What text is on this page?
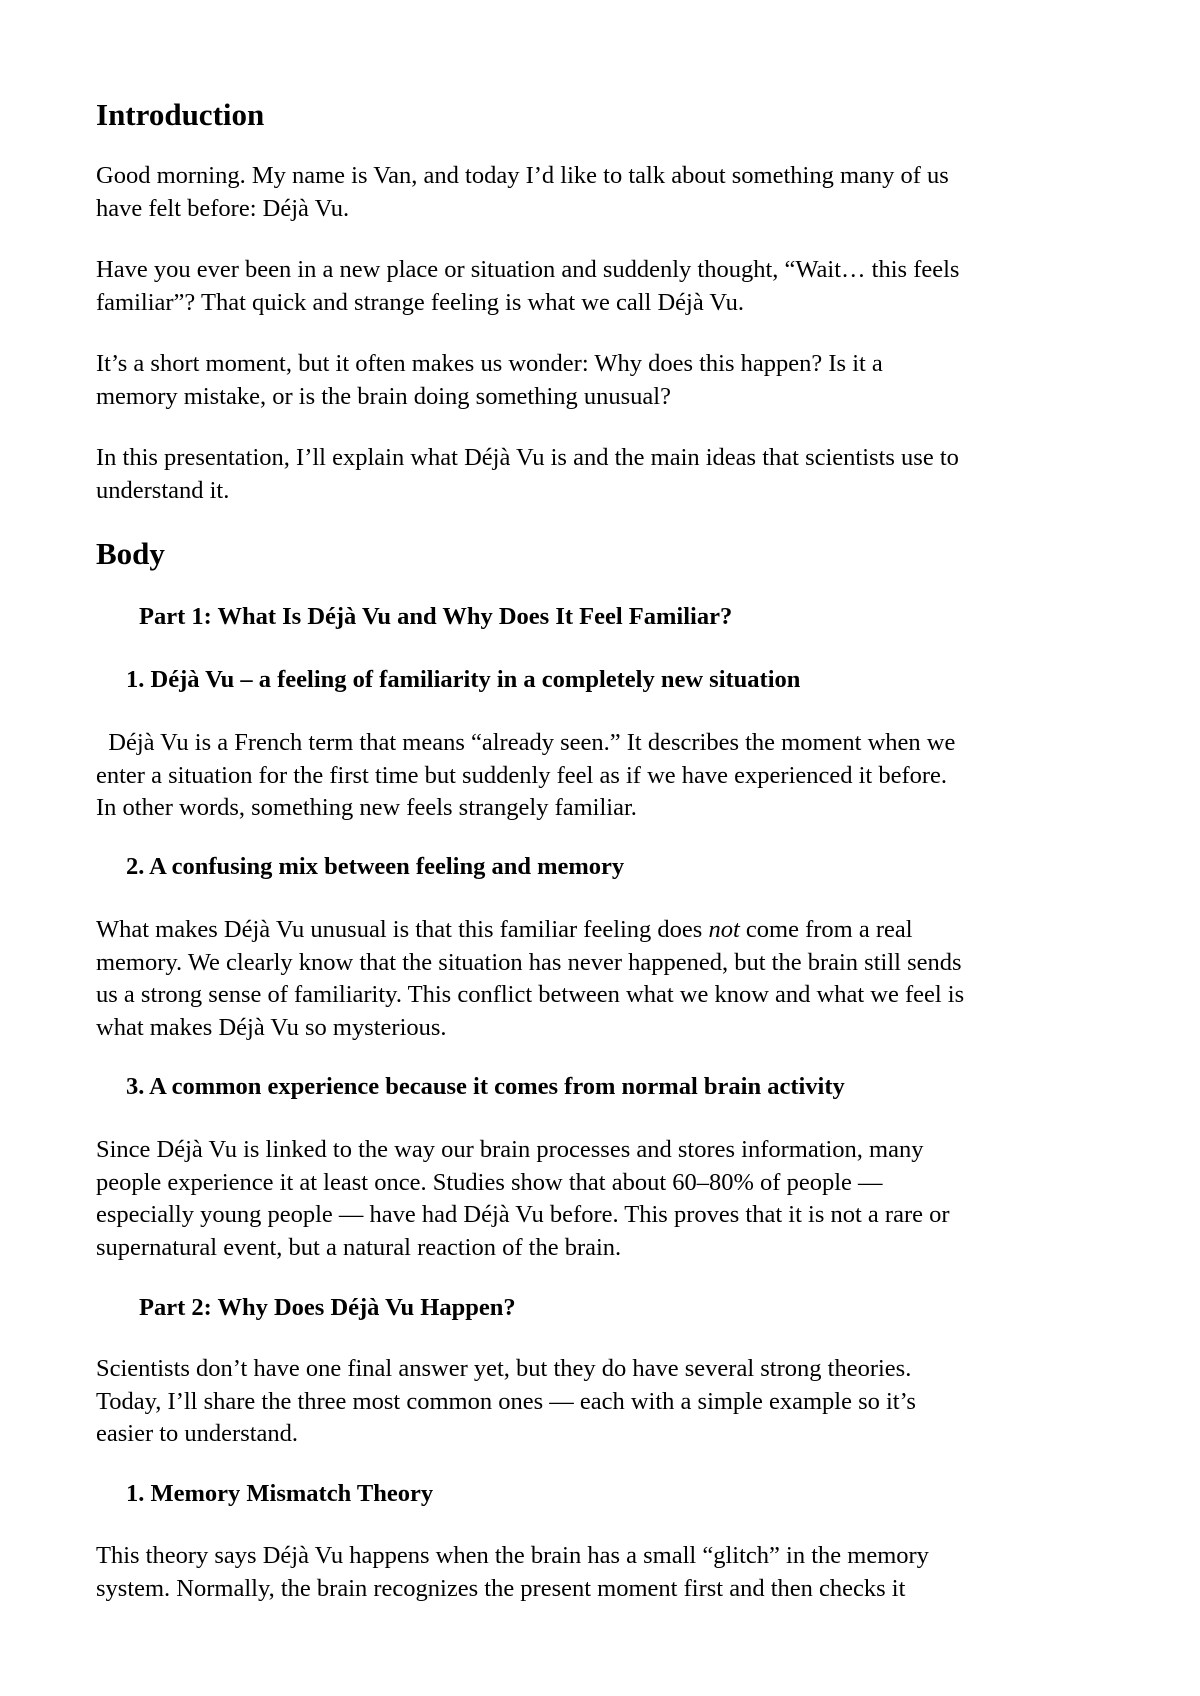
Introduction
Good morning. My name is Van, and today I’d like to talk about something many of us
have felt before: Déjà Vu.
Have you ever been in a new place or situation and suddenly thought, “Wait… this feels
familiar”? That quick and strange feeling is what we call Déjà Vu.
It’s a short moment, but it often makes us wonder: Why does this happen? Is it a
memory mistake, or is the brain doing something unusual?
In this presentation, I’ll explain what Déjà Vu is and the main ideas that scientists use to
understand it.
Body
Part 1: What Is Déjà Vu and Why Does It Feel Familiar?
1. Déjà Vu – a feeling of familiarity in a completely new situation
Déjà Vu is a French term that means “already seen.” It describes the moment when we
enter a situation for the first time but suddenly feel as if we have experienced it before.
In other words, something new feels strangely familiar.
2. A confusing mix between feeling and memory
What makes Déjà Vu unusual is that this familiar feeling does not come from a real
memory. We clearly know that the situation has never happened, but the brain still sends
us a strong sense of familiarity. This conflict between what we know and what we feel is
what makes Déjà Vu so mysterious.
3. A common experience because it comes from normal brain activity
Since Déjà Vu is linked to the way our brain processes and stores information, many
people experience it at least once. Studies show that about 60–80% of people —
especially young people — have had Déjà Vu before. This proves that it is not a rare or
supernatural event, but a natural reaction of the brain.
Part 2: Why Does Déjà Vu Happen?
Scientists don’t have one final answer yet, but they do have several strong theories.
Today, I’ll share the three most common ones — each with a simple example so it’s
easier to understand.
1. Memory Mismatch Theory
This theory says Déjà Vu happens when the brain has a small “glitch” in the memory
system. Normally, the brain recognizes the present moment first and then checks it
